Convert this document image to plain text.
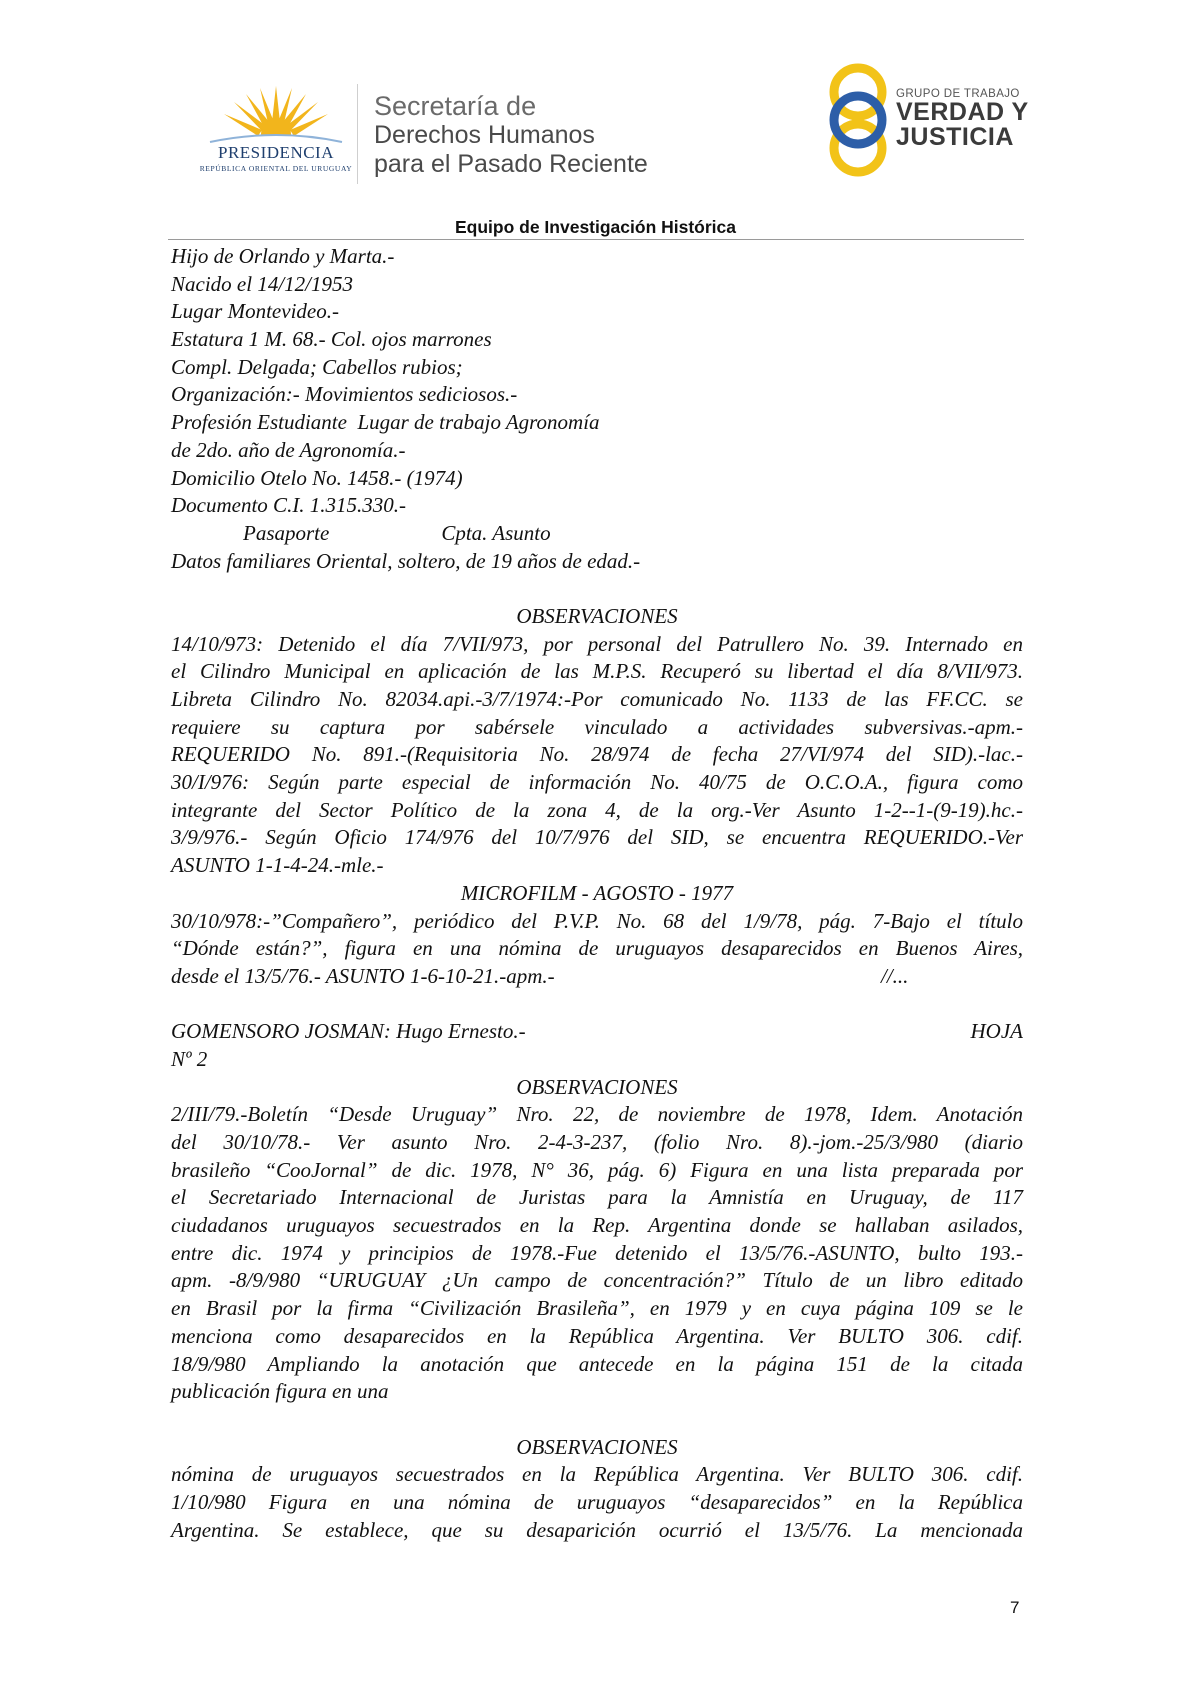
PRESIDENCIA
REPÚBLICA ORIENTAL DEL URUGUAY
Secretaría de
Derechos Humanos
para el Pasado Reciente
GRUPO DE TRABAJO
VERDAD Y
JUSTICIA
Equipo de Investigación Histórica
Hijo de Orlando y Marta.-
Nacido el 14/12/1953
Lugar Montevideo.-
Estatura 1 M. 68.- Col. ojos marrones
Compl. Delgada; Cabellos rubios;
Organización:- Movimientos sediciosos.-
Profesión Estudiante  Lugar de trabajo Agronomía
de 2do. año de Agronomía.-
Domicilio Otelo No. 1458.- (1974)
Documento C.I. 1.315.330.-
Pasaporte	Cpta. Asunto
Datos familiares Oriental, soltero, de 19 años de edad.-
OBSERVACIONES
14/10/973: Detenido el día 7/VII/973, por personal del Patrullero No. 39. Internado en
el Cilindro Municipal en aplicación de las M.P.S. Recuperó su libertad el día 8/VII/973.
Libreta Cilindro No. 82034.api.-3/7/1974:-Por comunicado No. 1133 de las FF.CC. se
requiere su captura por sabérsele vinculado a actividades subversivas.-apm.-
REQUERIDO No. 891.-(Requisitoria No. 28/974 de fecha 27/VI/974 del SID).-lac.-
30/I/976: Según parte especial de información No. 40/75 de O.C.O.A., figura como
integrante del Sector Político de la zona 4, de la org.-Ver Asunto 1-2--1-(9-19).hc.-
3/9/976.- Según Oficio 174/976 del 10/7/976 del SID, se encuentra REQUERIDO.-Ver
ASUNTO 1-1-4-24.-mle.-
MICROFILM - AGOSTO - 1977
30/10/978:-”Compañero”, periódico del P.V.P. No. 68 del 1/9/78, pág. 7-Bajo el título
“Dónde están?”, figura en una nómina de uruguayos desaparecidos en Buenos Aires,
desde el 13/5/76.- ASUNTO 1-6-10-21.-apm.-	//...
GOMENSORO JOSMAN: Hugo Ernesto.-	HOJA
Nº 2
OBSERVACIONES
2/III/79.-Boletín “Desde Uruguay” Nro. 22, de noviembre de 1978, Idem. Anotación
del 30/10/78.- Ver asunto Nro. 2-4-3-237, (folio Nro. 8).-jom.-25/3/980 (diario
brasileño “CooJornal” de dic. 1978, N° 36, pág. 6) Figura en una lista preparada por
el Secretariado Internacional de Juristas para la Amnistía en Uruguay, de 117
ciudadanos uruguayos secuestrados en la Rep. Argentina donde se hallaban asilados,
entre dic. 1974 y principios de 1978.-Fue detenido el 13/5/76.-ASUNTO, bulto 193.-
apm. -8/9/980 “URUGUAY ¿Un campo de concentración?” Título de un libro editado
en Brasil por la firma “Civilización Brasileña”, en 1979 y en cuya página 109 se le
menciona como desaparecidos en la República Argentina. Ver BULTO 306. cdif.
18/9/980 Ampliando la anotación que antecede en la página 151 de la citada
publicación figura en una
OBSERVACIONES
nómina de uruguayos secuestrados en la República Argentina. Ver BULTO 306. cdif.
1/10/980 Figura en una nómina de uruguayos “desaparecidos” en la República
Argentina. Se establece, que su desaparición ocurrió el 13/5/76. La mencionada
7
